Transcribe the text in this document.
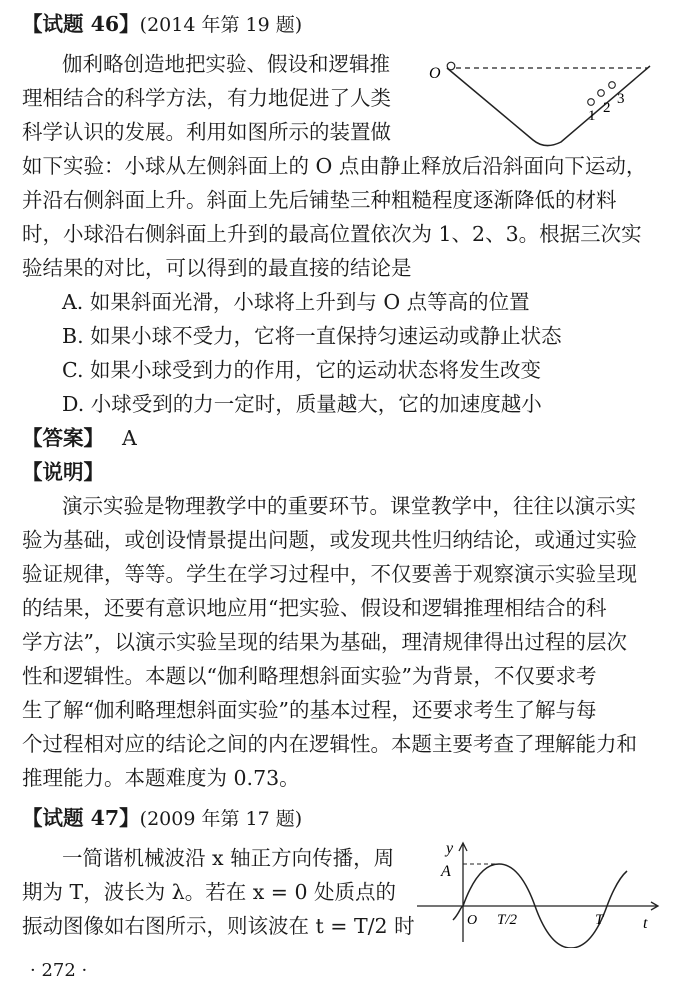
【试题 46】(2014 年第 19 题)
伽利略创造地把实验、假设和逻辑推
理相结合的科学方法，有力地促进了人类
科学认识的发展。利用如图所示的装置做
如下实验：小球从左侧斜面上的 O 点由静止释放后沿斜面向下运动，
并沿右侧斜面上升。斜面上先后铺垫三种粗糙程度逐渐降低的材料
时，小球沿右侧斜面上升到的最高位置依次为 1、2、3。根据三次实
验结果的对比，可以得到的最直接的结论是
A. 如果斜面光滑，小球将上升到与 O 点等高的位置
B. 如果小球不受力，它将一直保持匀速运动或静止状态
C. 如果小球受到力的作用，它的运动状态将发生改变
D. 小球受到的力一定时，质量越大，它的加速度越小
【答案】 A
【说明】
演示实验是物理教学中的重要环节。课堂教学中，往往以演示实
验为基础，或创设情景提出问题，或发现共性归纳结论，或通过实验
验证规律，等等。学生在学习过程中，不仅要善于观察演示实验呈现
的结果，还要有意识地应用“把实验、假设和逻辑推理相结合的科
学方法”，以演示实验呈现的结果为基础，理清规律得出过程的层次
性和逻辑性。本题以“伽利略理想斜面实验”为背景，不仅要求考
生了解“伽利略理想斜面实验”的基本过程，还要求考生了解与每
个过程相对应的结论之间的内在逻辑性。本题主要考查了理解能力和
推理能力。本题难度为 0.73。
O
1 2
3
【试题 47】(2009 年第 17 题)
一简谐机械波沿 x 轴正方向传播，周
期为 T，波长为 λ。若在 x = 0 处质点的
振动图像如右图所示，则该波在 t = T/2 时
y
A
O T/2	T t
· 272 ·
